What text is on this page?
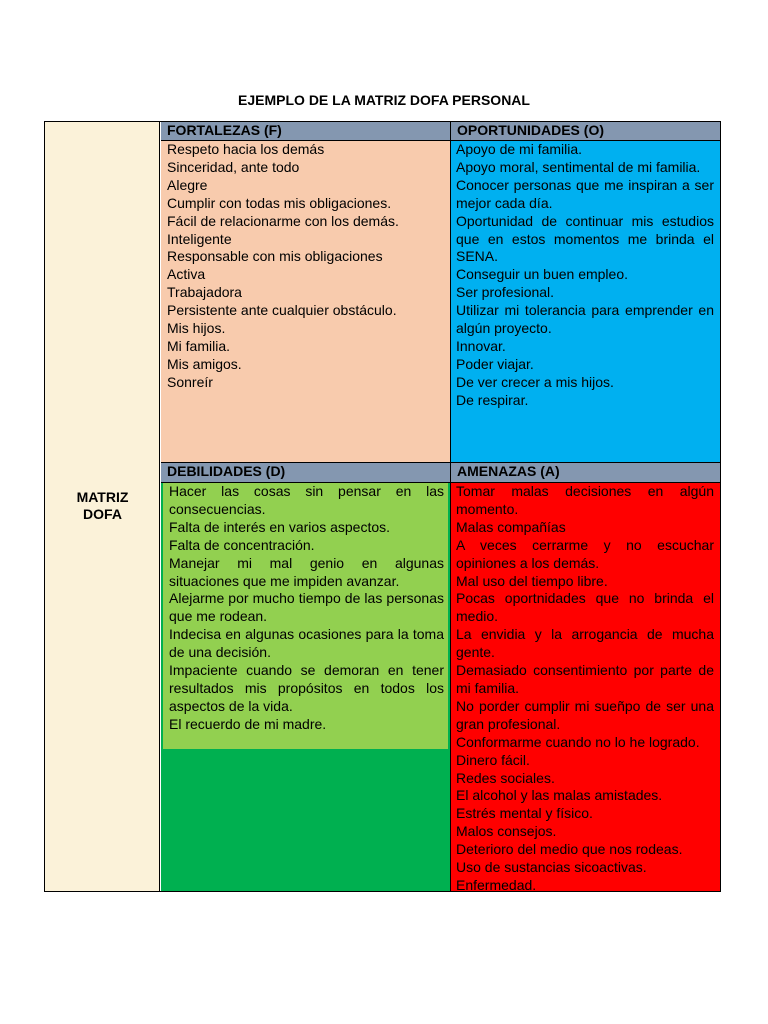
EJEMPLO DE LA MATRIZ DOFA PERSONAL
MATRIZ
DOFA
FORTALEZAS (F)
Respeto hacia los demás
Sinceridad, ante todo
Alegre
Cumplir con todas mis obligaciones.
Fácil de relacionarme con los demás.
Inteligente
Responsable con mis obligaciones
Activa
Trabajadora
Persistente ante cualquier obstáculo.
Mis hijos.
Mi familia.
Mis amigos.
Sonreír
OPORTUNIDADES (O)
Apoyo de mi familia.
Apoyo moral, sentimental de mi familia.
Conocer personas que me inspiran a ser mejor cada día.
Oportunidad de continuar mis estudios que en estos momentos me brinda el SENA.
Conseguir un buen empleo.
Ser profesional.
Utilizar mi tolerancia para emprender en algún proyecto.
Innovar.
Poder viajar.
De ver crecer a mis hijos.
De respirar.
DEBILIDADES (D)
Hacer las cosas sin pensar en las consecuencias.
Falta de interés en varios aspectos.
Falta de concentración.
Manejar mi mal genio en algunas situaciones que me impiden avanzar.
Alejarme por mucho tiempo de las personas que me rodean.
Indecisa en algunas ocasiones para la toma de una decisión.
Impaciente cuando se demoran en tener resultados mis propósitos en todos los aspectos de la vida.
El recuerdo de mi madre.
AMENAZAS (A)
Tomar malas decisiones en algún momento.
Malas compañías
A veces cerrarme y no escuchar opiniones a los demás.
Mal uso del tiempo libre.
Pocas oportnidades que no brinda el medio.
La envidia y la arrogancia de mucha gente.
Demasiado consentimiento por parte de mi familia.
No porder cumplir mi sueñpo de ser una gran profesional.
Conformarme cuando no lo he logrado.
Dinero fácil.
Redes sociales.
El alcohol y las malas amistades.
Estrés mental y físico.
Malos consejos.
Deterioro del medio que nos rodeas.
Uso de sustancias sicoactivas.
Enfermedad.
